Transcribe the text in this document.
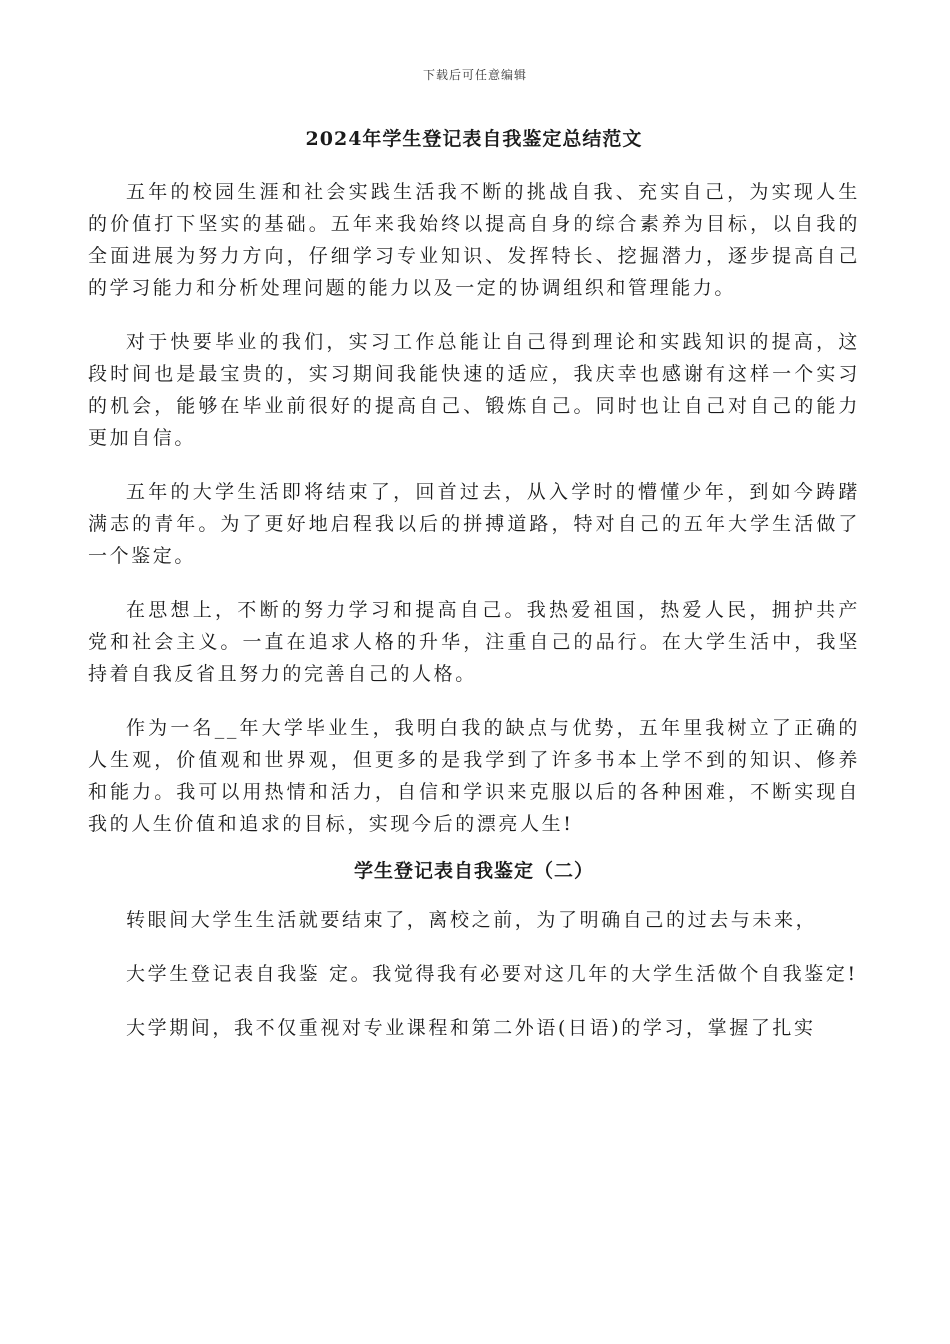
下载后可任意编辑
2024年学生登记表自我鉴定总结范文

五年的校园生涯和社会实践生活我不断的挑战自我、充实自己，为实现人生的价值打下坚实的基础。五年来我始终以提高自身的综合素养为目标，以自我的全面进展为努力方向，仔细学习专业知识、发挥特长、挖掘潜力，逐步提高自己的学习能力和分析处理问题的能力以及一定的协调组织和管理能力。

对于快要毕业的我们，实习工作总能让自己得到理论和实践知识的提高，这段时间也是最宝贵的，实习期间我能快速的适应，我庆幸也感谢有这样一个实习的机会，能够在毕业前很好的提高自己、锻炼自己。同时也让自己对自己的能力更加自信。

五年的大学生活即将结束了，回首过去，从入学时的懵懂少年，到如今踌躇满志的青年。为了更好地启程我以后的拼搏道路，特对自己的五年大学生活做了一个鉴定。

在思想上，不断的努力学习和提高自己。我热爱祖国，热爱人民，拥护共产党和社会主义。一直在追求人格的升华，注重自己的品行。在大学生活中，我坚持着自我反省且努力的完善自己的人格。

作为一名__年大学毕业生，我明白我的缺点与优势，五年里我树立了正确的人生观，价值观和世界观，但更多的是我学到了许多书本上学不到的知识、修养和能力。我可以用热情和活力，自信和学识来克服以后的各种困难，不断实现自我的人生价值和追求的目标，实现今后的漂亮人生!

学生登记表自我鉴定（二）

转眼间大学生生活就要结束了，离校之前，为了明确自己的过去与未来，

大学生登记表自我鉴 定。我觉得我有必要对这几年的大学生活做个自我鉴定!

大学期间，我不仅重视对专业课程和第二外语(日语)的学习，掌握了扎实
